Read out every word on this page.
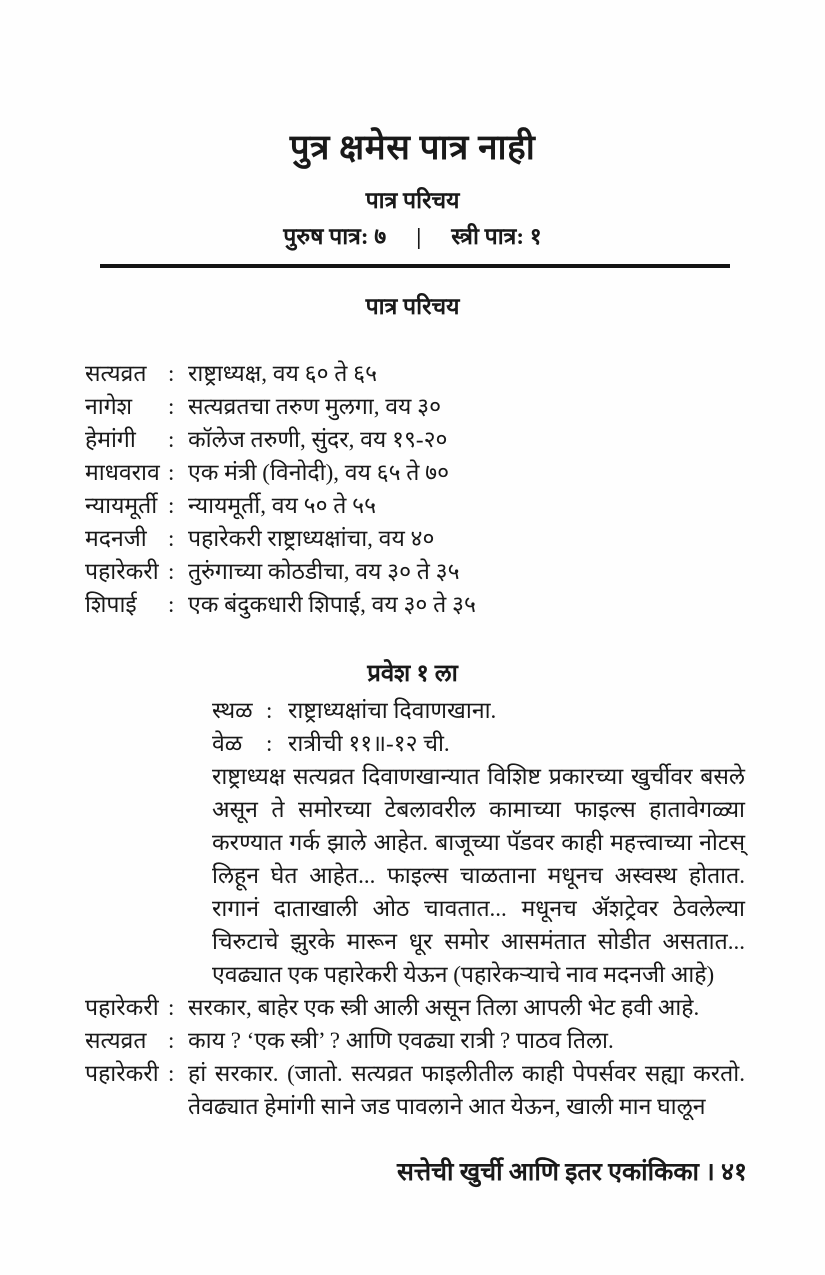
पुत्र क्षमेस पात्र नाही
पात्र परिचय
पुरुष पात्र: ७ | स्त्री पात्र: १
पात्र परिचय
सत्यव्रत : राष्ट्राध्यक्ष, वय ६० ते ६५
नागेश	: सत्यव्रतचा तरुण मुलगा, वय ३०
हेमांगी	: कॉलेज तरुणी, सुंदर, वय १९-२०
माधवराव : एक मंत्री (विनोदी), वय ६५ ते ७०
न्यायमूर्ती : न्यायमूर्ती, वय ५० ते ५५
मदनजी : पहारेकरी राष्ट्राध्यक्षांचा, वय ४०
पहारेकरी : तुरुंगाच्या कोठडीचा, वय ३० ते ३५
शिपाई	: एक बंदुकधारी शिपाई, वय ३० ते ३५
प्रवेश १ ला
स्थळ : राष्ट्राध्यक्षांचा दिवाणखाना.
वेळ	: रात्रीची ११॥-१२ ची.

राष्ट्राध्यक्ष सत्यव्रत दिवाणखान्यात विशिष्ट प्रकारच्या खुर्चीवर बसले असून ते समोरच्या टेबलावरील कामाच्या फाइल्स हातावेगळ्या करण्यात गर्क झाले आहेत. बाजूच्या पॅडवर काही महत्त्वाच्या नोटस् लिहून घेत आहेत... फाइल्स चाळताना मधूनच अस्वस्थ होतात. रागानं दाताखाली ओठ चावतात... मधूनच ॲशट्रेवर ठेवलेल्या चिरुटाचे झुरके मारून धूर समोर आसमंतात सोडीत असतात... एवढ्यात एक पहारेकरी येऊन (पहारेकऱ्याचे नाव मदनजी आहे)

पहारेकरी : सरकार, बाहेर एक स्त्री आली असून तिला आपली भेट हवी आहे.
सत्यव्रत : काय ? ‘एक स्त्री’ ? आणि एवढ्या रात्री ? पाठव तिला.
पहारेकरी : हां सरकार. (जातो. सत्यव्रत फाइलीतील काही पेपर्सवर सह्या करतो. तेवढ्यात हेमांगी साने जड पावलाने आत येऊन, खाली मान घालून
सत्तेची खुर्ची आणि इतर एकांकिका । ४१
